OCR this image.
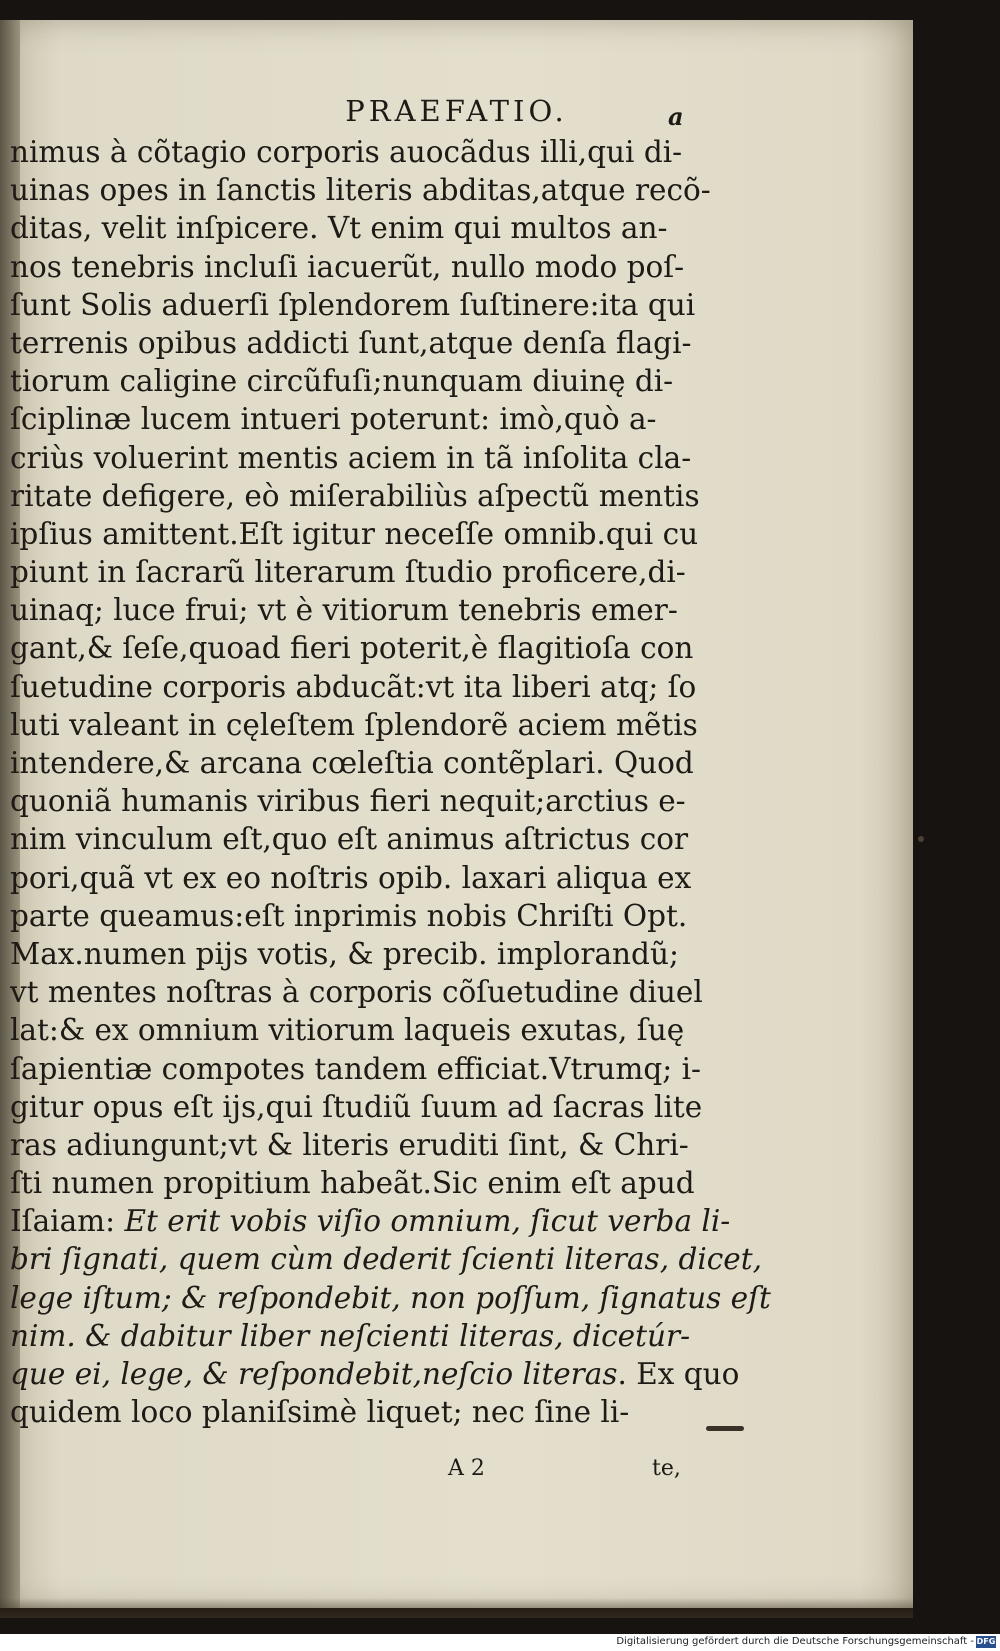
PRAEFATIO.	a
nimus à cõtagio corporis auocãdus illi,qui di-
uinas opes in ſanctis literis abditas,atque recõ-
ditas, velit inſpicere. Vt enim qui multos an-
nos tenebris incluſi iacuerũt, nullo modo poſ-
ſunt Solis aduerſi ſplendorem ſuſtinere:ita qui
terrenis opibus addicti ſunt,atque denſa flagi-
tiorum caligine circũfuſi;nunquam diuinę di-
ſciplinæ lucem intueri poterunt: imò,quò a-
criùs voluerint mentis aciem in tã inſolita cla-
ritate defigere, eò miſerabiliùs aſpectũ mentis
ipſius amittent.Eſt igitur neceſſe omnib.qui cu
piunt in ſacrarũ literarum ſtudio proficere,di-
uinaq; luce frui; vt è vitiorum tenebris emer-
gant,& ſeſe,quoad fieri poterit,è flagitioſa con
ſuetudine corporis abducãt:vt ita liberi atq; ſo
luti valeant in cęleſtem ſplendorẽ aciem mẽtis
intendere,& arcana cœleſtia contẽplari. Quod
quoniã humanis viribus fieri nequit;arctius e-
nim vinculum eſt,quo eſt animus aſtrictus cor
pori,quã vt ex eo noſtris opib. laxari aliqua ex
parte queamus:eſt inprimis nobis Chriſti Opt.
Max.numen pijs votis, & precib. implorandũ;
vt mentes noſtras à corporis cõſuetudine diuel
lat:& ex omnium vitiorum laqueis exutas, ſuę
ſapientiæ compotes tandem efficiat.Vtrumq; i-
gitur opus eſt ijs,qui ſtudiũ ſuum ad ſacras lite
ras adiungunt;vt & literis eruditi ſint, & Chri-
ſti numen propitium habeãt.Sic enim eſt apud
Iſaiam: Et erit vobis viſio omnium, ſicut verba li-
bri ſignati, quem cùm dederit ſcienti literas, dicet,
lege iſtum; & reſpondebit, non poſſum, ſignatus eſt
nim. & dabitur liber neſcienti literas, dicetúr-
que ei, lege, & reſpondebit,neſcio literas. Ex quo
quidem loco planiſsimè liquet; nec ſine li-
A 2	te,
Digitalisierung gefördert durch die Deutsche Forschungsgemeinschaft - DFG
